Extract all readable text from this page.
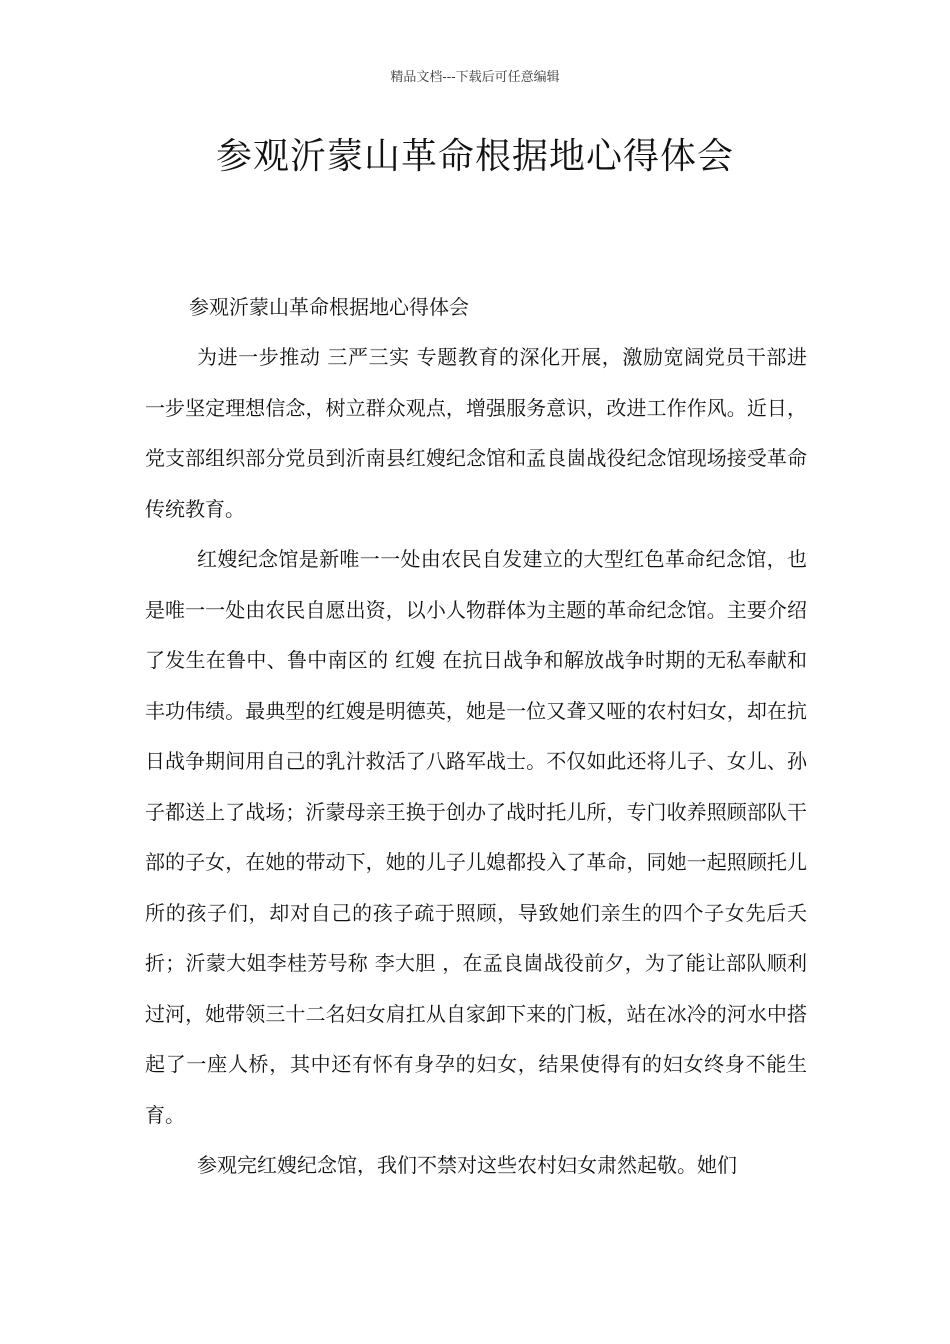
精品文档---下载后可任意编辑
参观沂蒙山革命根据地心得体会

参观沂蒙山革命根据地心得体会

为进一步推动 三严三实 专题教育的深化开展，激励宽阔党员干部进一步坚定理想信念，树立群众观点，增强服务意识，改进工作作风。近日，党支部组织部分党员到沂南县红嫂纪念馆和孟良崮战役纪念馆现场接受革命传统教育。

红嫂纪念馆是新唯一一处由农民自发建立的大型红色革命纪念馆，也是唯一一处由农民自愿出资，以小人物群体为主题的革命纪念馆。主要介绍了发生在鲁中、鲁中南区的 红嫂 在抗日战争和解放战争时期的无私奉献和丰功伟绩。最典型的红嫂是明德英，她是一位又聋又哑的农村妇女，却在抗日战争期间用自己的乳汁救活了八路军战士。不仅如此还将儿子、女儿、孙子都送上了战场；沂蒙母亲王换于创办了战时托儿所，专门收养照顾部队干部的子女，在她的带动下，她的儿子儿媳都投入了革命，同她一起照顾托儿所的孩子们，却对自己的孩子疏于照顾，导致她们亲生的四个子女先后夭折；沂蒙大姐李桂芳号称 李大胆 ，在孟良崮战役前夕，为了能让部队顺利过河，她带领三十二名妇女肩扛从自家卸下来的门板，站在冰冷的河水中搭起了一座人桥，其中还有怀有身孕的妇女，结果使得有的妇女终身不能生育。

参观完红嫂纪念馆，我们不禁对这些农村妇女肃然起敬。她们
